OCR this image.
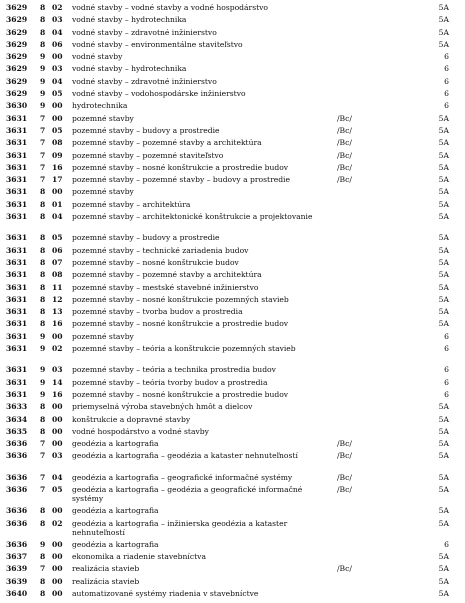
3629 8 02 vodné stavby – vodné stavby a vodné hospodárstvo	5A
3629 8 03 vodné stavby – hydrotechnika	5A
3629 8 04 vodné stavby – zdravotné inžinierstvo	5A
3629 8 06 vodné stavby – environmentálne staviteľstvo	5A
3629 9 00 vodné stavby	6
3629 9 03 vodné stavby – hydrotechnika	6
3629 9 04 vodné stavby – zdravotné inžinierstvo	6
3629 9 05 vodné stavby – vodohospodárske inžinierstvo	6
3630 9 00 hydrotechnika	6
3631 7 00 pozemné stavby	/Bc/	5A
3631 7 05 pozemné stavby – budovy a prostredie	/Bc/	5A
3631 7 08 pozemné stavby – pozemné stavby a architektúra	/Bc/	5A
3631 7 09 pozemné stavby – pozemné staviteľstvo	/Bc/	5A
3631 7 16 pozemné stavby – nosné konštrukcie a prostredie budov	/Bc/	5A
3631 7 17 pozemné stavby – pozemné stavby – budovy a prostredie	/Bc/	5A
3631 8 00 pozemné stavby	5A
3631 8 01 pozemné stavby – architektúra	5A
3631 8 04 pozemné stavby – architektonické konštrukcie a projektovanie	5A
3631 8 05 pozemné stavby – budovy a prostredie	5A
3631 8 06 pozemné stavby – technické zariadenia budov	5A
3631 8 07 pozemné stavby – nosné konštrukcie budov	5A
3631 8 08 pozemné stavby – pozemné stavby a architektúra	5A
3631 8 11 pozemné stavby – mestské stavebné inžinierstvo	5A
3631 8 12 pozemné stavby – nosné konštrukcie pozemných stavieb	5A
3631 8 13 pozemné stavby – tvorba budov a prostredia	5A
3631 8 16 pozemné stavby – nosné konštrukcie a prostredie budov	5A
3631 9 00 pozemné stavby	6
3631 9 02 pozemné stavby – teória a konštrukcie pozemných stavieb	6
3631 9 03 pozemné stavby – teória a technika prostredia budov	6
3631 9 14 pozemné stavby – teória tvorby budov a prostredia	6
3631 9 16 pozemné stavby – nosné konštrukcie a prostredie budov	6
3633 8 00 priemyselná výroba stavebných hmôt a dielcov	5A
3634 8 00 konštrukcie a dopravné stavby	5A
3635 8 00 vodné hospodárstvo a vodné stavby	5A
3636 7 00 geodézia a kartografia	/Bc/	5A
3636 7 03 geodézia a kartografia – geodézia a kataster nehnuteľností	/Bc/	5A
3636 7 04 geodézia a kartografia – geografické informačné systémy	/Bc/	5A
3636 7 05 geodézia a kartografia – geodézia a geografické informačné systémy
/Bc/	5A
3636 8 00 geodézia a kartografia	5A
3636 8 02 geodézia a kartografia – inžinierska geodézia a kataster nehnuteľností
5A
3636 9 00 geodézia a kartografia	6
3637 8 00 ekonomika a riadenie stavebníctva	5A
3639 7 00 realizácia stavieb	/Bc/	5A
3639 8 00 realizácia stavieb	5A
3640 8 00 automatizované systémy riadenia v stavebníctve	5A
